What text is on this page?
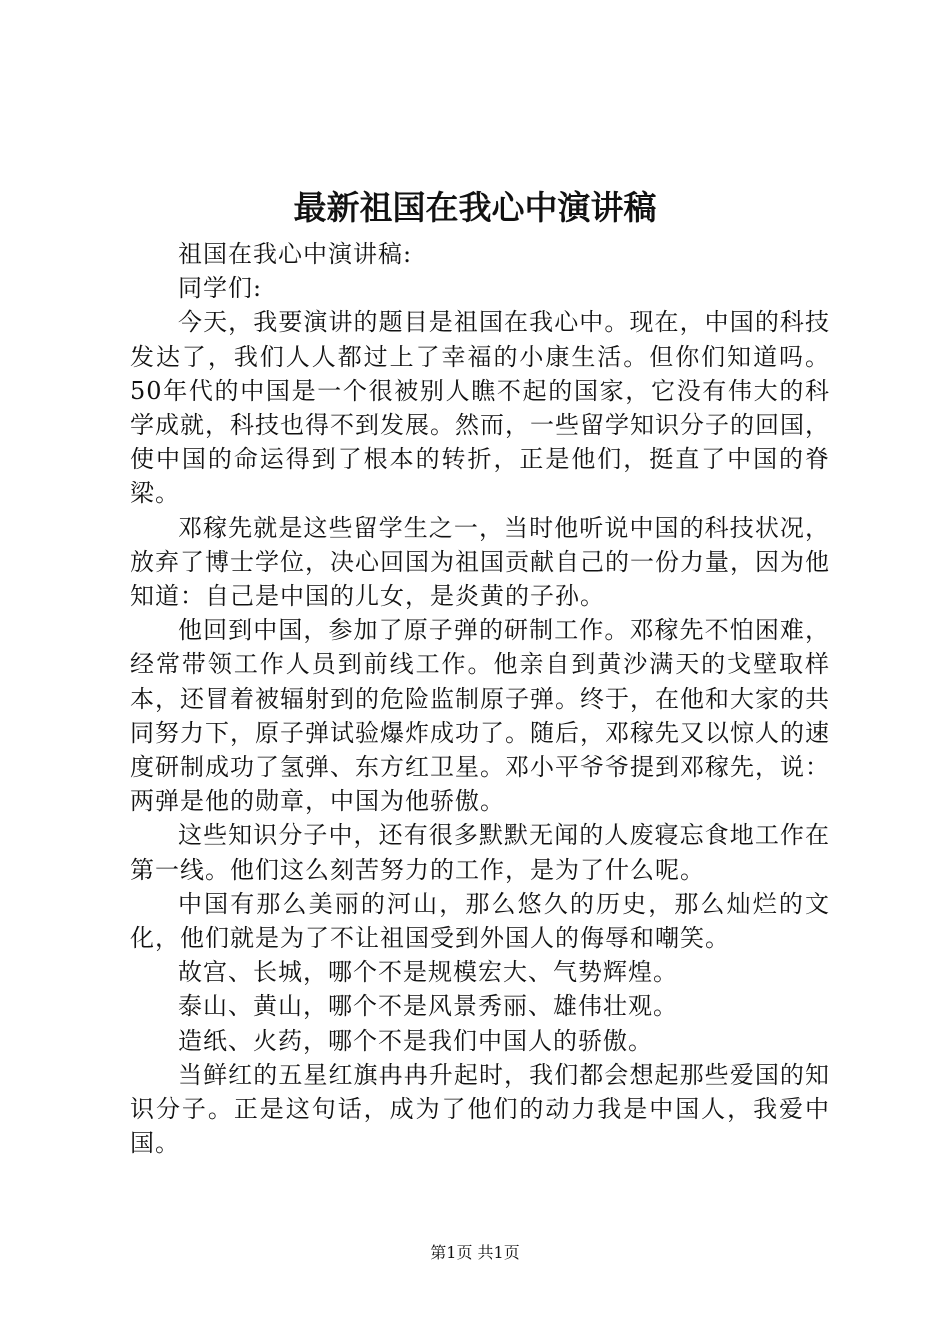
最新祖国在我心中演讲稿

祖国在我心中演讲稿:

同学们:

今天，我要演讲的题目是祖国在我心中。现在，中国的科技发达了，我们人人都过上了幸福的小康生活。但你们知道吗。50年代的中国是一个很被别人瞧不起的国家，它没有伟大的科学成就，科技也得不到发展。然而，一些留学知识分子的回国，使中国的命运得到了根本的转折，正是他们，挺直了中国的脊梁。

邓稼先就是这些留学生之一，当时他听说中国的科技状况，放弃了博士学位，决心回国为祖国贡献自己的一份力量，因为他知道：自己是中国的儿女，是炎黄的子孙。

他回到中国，参加了原子弹的研制工作。邓稼先不怕困难，经常带领工作人员到前线工作。他亲自到黄沙满天的戈壁取样本，还冒着被辐射到的危险监制原子弹。终于，在他和大家的共同努力下，原子弹试验爆炸成功了。随后，邓稼先又以惊人的速度研制成功了氢弹、东方红卫星。邓小平爷爷提到邓稼先，说：两弹是他的勋章，中国为他骄傲。

这些知识分子中，还有很多默默无闻的人废寝忘食地工作在第一线。他们这么刻苦努力的工作，是为了什么呢。

中国有那么美丽的河山，那么悠久的历史，那么灿烂的文化，他们就是为了不让祖国受到外国人的侮辱和嘲笑。

故宫、长城，哪个不是规模宏大、气势辉煌。

泰山、黄山，哪个不是风景秀丽、雄伟壮观。

造纸、火药，哪个不是我们中国人的骄傲。

当鲜红的五星红旗冉冉升起时，我们都会想起那些爱国的知识分子。正是这句话，成为了他们的动力我是中国人，我爱中国。

第1页 共1页
